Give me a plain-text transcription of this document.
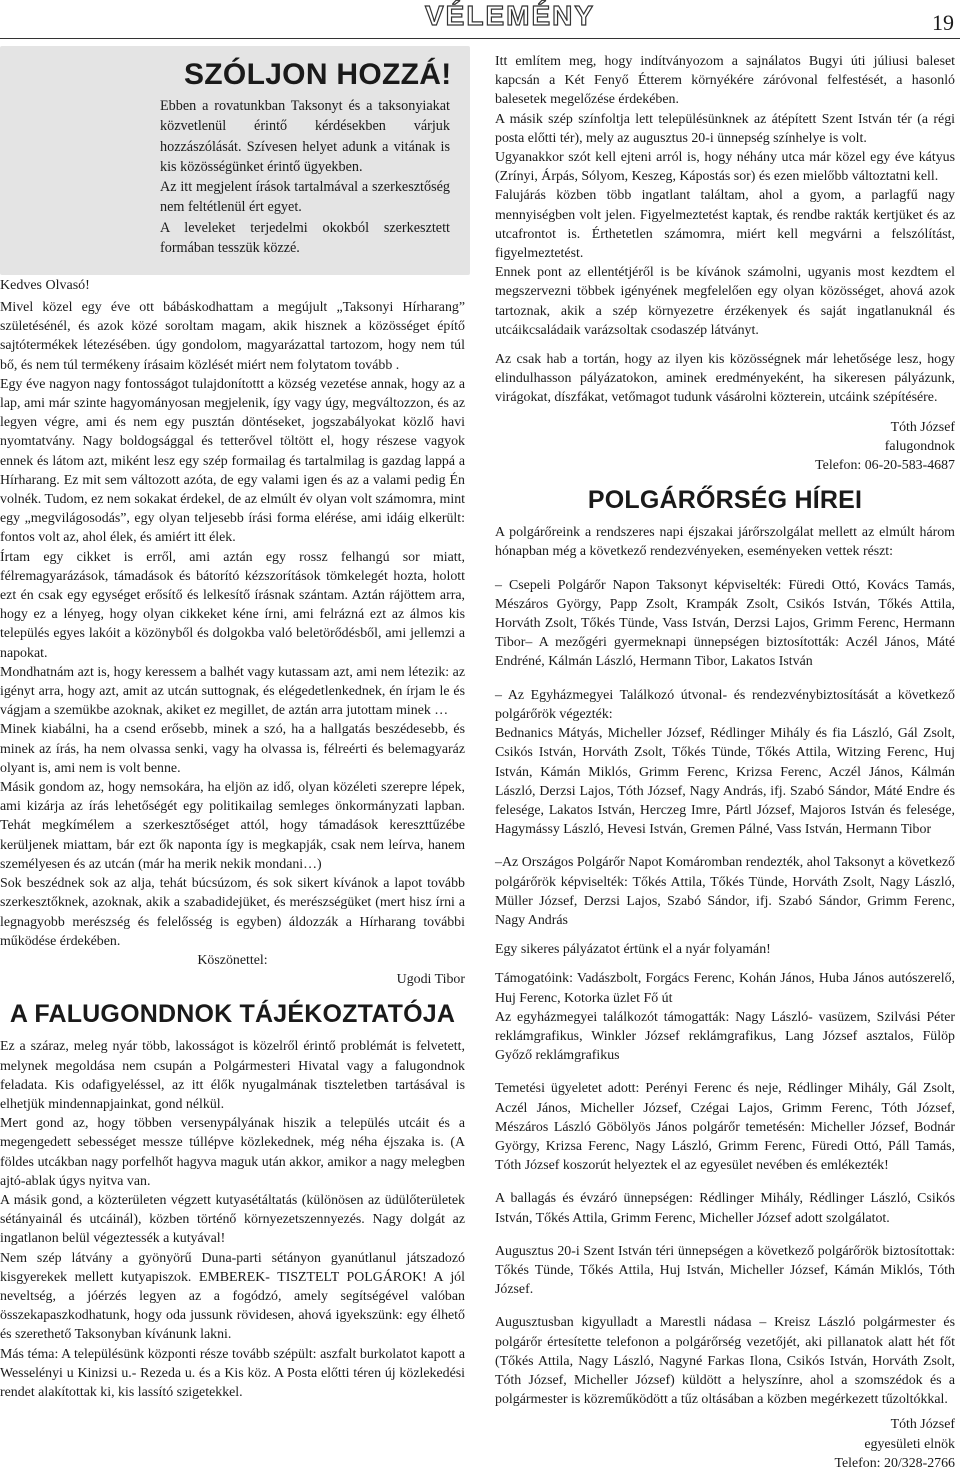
VÉLEMÉNY	19
SZÓLJON HOZZÁ!

Ebben a rovatunkban Taksonyt és a taksonyiakat közvetlenül érintő kérdésekben várjuk hozzászólását. Szívesen helyet adunk a vitának is kis közösségünket érintő ügyekben.

Az itt megjelent írások tartalmával a szerkesztőség nem feltétlenül ért egyet.

A leveleket terjedelmi okokból szerkesztett formában tesszük közzé.

Kedves Olvasó!

Mivel közel egy éve ott bábáskodhattam a megújult „Taksonyi Hírharang” születésénél, és azok közé soroltam magam, akik hisznek a közösséget építő sajtótermékek létezésében. úgy gondolom, magyarázattal tartozom, hogy nem túl bő, és nem túl termékeny írásaim közlését miért nem folytatom tovább .

Egy éve nagyon nagy fontosságot tulajdonítottt a község vezetése annak, hogy az a lap, ami már szinte hagyományosan megjelenik, így vagy úgy, megváltozzon, és az legyen végre, ami és nem egy pusztán döntéseket, jogszabályokat közlő havi nyomtatvány. Nagy boldogsággal és tetterővel töltött el, hogy részese vagyok ennek és látom azt, miként lesz egy szép formailag és tartalmilag is gazdag lappá a Hírharang. Ez mit sem változott azóta, de egy valami igen és az a valami pedig Én volnék. Tudom, ez nem sokakat érdekel, de az elmúlt év olyan volt számomra, mint egy „megvilágosodás”, egy olyan teljesebb írási forma elérése, ami idáig elkerült: fontos volt az, ahol élek, és amiért itt élek.

Írtam egy cikket is erről, ami aztán egy rossz felhangú sor miatt, félremagyarázások, támadások és bátorító kézszorítások tömkelegét hozta, holott ezt én csak egy egységet erősítő és lelkesítő írásnak szántam. Aztán rájöttem arra, hogy ez a lényeg, hogy olyan cikkeket kéne írni, ami felrázná ezt az álmos kis település egyes lakóit a közönyből és dolgokba való beletörődésből, ami jellemzi a napokat.

Mondhatnám azt is, hogy keressem a balhét vagy kutassam azt, ami nem létezik: az igényt arra, hogy azt, amit az utcán suttognak, és elégedetlenkednek, én írjam le és vágjam a szemükbe azoknak, akiket ez megillet, de aztán arra jutottam minek …

Minek kiabálni, ha a csend erősebb, minek a szó, ha a hallgatás beszédesebb, és minek az írás, ha nem olvassa senki, vagy ha olvassa is, félreérti és belemagyaráz olyant is, ami nem is volt benne.

Másik gondom az, hogy nemsokára, ha eljön az idő, olyan közéleti szerepre lépek, ami kizárja az írás lehetőségét egy politikailag semleges önkormányzati lapban. Tehát megkímélem a szerkesztőséget attól, hogy támadások kereszttűzébe kerüljenek miattam, bár ezt ők naponta így is megkapják, csak nem leírva, hanem személyesen és az utcán (már ha merik nekik mondani…)

Sok beszédnek sok az alja, tehát búcsúzom, és sok sikert kívánok a lapot tovább szerkesztőknek, azoknak, akik a szabadidejüket, és merészségüket (mert hisz írni a legnagyobb merészség és felelősség is egyben) áldozzák a Hírharang további működése érdekében.

Köszönettel:

Ugodi Tibor

A FALUGONDNOK TÁJÉKOZTATÓJA

Ez a száraz, meleg nyár több, lakosságot is közelről érintő problémát is felvetett, melynek megoldása nem csupán a Polgármesteri Hivatal vagy a falugondnok feladata. Kis odafigyeléssel, az itt élők nyugalmának tiszteletben tartásával is elhetjük mindennapjainkat, gond nélkül.

Mert gond az, hogy többen versenypályának hiszik a település utcáit és a megengedett sebességet messze túllépve közlekednek, még néha éjszaka is. (A földes utcákban nagy porfelhőt hagyva maguk után akkor, amikor a nagy melegben ajtó-ablak úgys nyitva van.

A másik gond, a közterületen végzett kutyasétáltatás (különösen az üdülőterületek sétányainál és utcáinál), közben történő környezetszennyezés. Nagy dolgát az ingatlanon belül végeztessék a kutyával!

Nem szép látvány a gyönyörű Duna-parti sétányon gyanútlanul játszadozó kisgyerekek mellett kutyapiszok. EMBEREK- TISZTELT POLGÁROK! A jól neveltség, a jóérzés legyen az a fogódzó, amely segítségével valóban összekapaszkodhatunk, hogy oda jussunk rövidesen, ahová igyekszünk: egy élhető és szerethető Taksonyban kívánunk lakni.

Más téma: A településünk központi része tovább szépült: aszfalt burkolatot kapott a Wesselényi u Kinizsi u.- Rezeda u. és a Kis köz. A Posta előtti téren új közlekedési rendet alakítottak ki, kis lassító szigetekkel.

Itt említem meg, hogy indítványozom a sajnálatos Bugyi úti júliusi baleset kapcsán a Két Fenyő Étterem környékére záróvonal felfestését, a hasonló balesetek megelőzése érdekében.

A másik szép színfoltja lett településünknek az átépített Szent István tér (a régi posta előtti tér), mely az augusztus 20-i ünnepség színhelye is volt.

Ugyanakkor szót kell ejteni arról is, hogy néhány utca már közel egy éve kátyus (Zrínyi, Árpás, Sólyom, Keszeg, Kápostás sor) és ezen mielőbb változtatni kell.

Falujárás közben több ingatlant találtam, ahol a gyom, a parlagfű nagy mennyiségben volt jelen. Figyelmeztetést kaptak, és rendbe rakták kertjüket és az utcafrontot is. Érthetetlen számomra, miért kell megvárni a felszólítást, figyelmeztetést.

Ennek pont az ellentétjéről is be kívánok számolni, ugyanis most kezdtem el megszervezni többek igényének megfelelően egy olyan közösséget, ahová azok tartoznak, akik a szép környezetre érzékenyek és saját ingatlanuknál és utcáikcsaládaik varázsoltak csodaszép látványt.

Az csak hab a tortán, hogy az ilyen kis közösségnek már lehetősége lesz, hogy elindulhasson pályázatokon, aminek eredményeként, ha sikeresen pályázunk, virágokat, díszfákat, vetőmagot tudunk vásárolni közterein, utcáink szépítésére.

Tóth József

falugondnok

Telefon: 06-20-583-4687

POLGÁRŐRSÉG HÍREI

A polgárőreink a rendszeres napi éjszakai járőrszolgálat mellett az elmúlt három hónapban még a következő rendezvényeken, eseményeken vettek részt:

– Csepeli Polgárőr Napon Taksonyt képviselték: Füredi Ottó, Kovács Tamás, Mészáros György, Papp Zsolt, Krampák Zsolt, Csikós István, Tőkés Attila, Horváth Zsolt, Tőkés Tünde, Vass István, Derzsi Lajos, Grimm Ferenc, Hermann Tibor– A mezőgéri gyermeknapi ünnepségen biztosították: Aczél János, Máté Endréné, Kálmán László, Hermann Tibor, Lakatos István

– Az Egyházmegyei Találkozó útvonal- és rendezvénybiztosítását a következő polgárőrök végezték:

Bednanics Mátyás, Micheller József, Rédlinger Mihály és fia László, Gál Zsolt, Csikós István, Horváth Zsolt, Tőkés Tünde, Tőkés Attila, Witzing Ferenc, Huj István, Kámán Miklós, Grimm Ferenc, Krizsa Ferenc, Aczél János, Kálmán László, Derzsi Lajos, Tóth József, Nagy András, ifj. Szabó Sándor, Máté Endre és felesége, Lakatos István, Herczeg Imre, Pártl József, Majoros István és felesége, Hagymássy László, Hevesi István, Gremen Pálné, Vass István, Hermann Tibor

–Az Országos Polgárőr Napot Komáromban rendezték, ahol Taksonyt a következő polgárőrök képviselték: Tőkés Attila, Tőkés Tünde, Horváth Zsolt, Nagy László, Müller József, Derzsi Lajos, Szabó Sándor, ifj. Szabó Sándor, Grimm Ferenc, Nagy András

Egy sikeres pályázatot értünk el a nyár folyamán!

Támogatóink: Vadászbolt, Forgács Ferenc, Kohán János, Huba János autószerelő, Huj Ferenc, Kotorka üzlet Fő út

Az egyházmegyei találkozót támogatták: Nagy László- vasüzem, Szilvási Péter reklámgrafikus, Winkler József reklámgrafikus, Lang József asztalos, Fülöp Győző reklámgrafikus

Temetési ügyeletet adott: Perényi Ferenc és neje, Rédlinger Mihály, Gál Zsolt, Aczél János, Micheller József, Czégai Lajos, Grimm Ferenc, Tóth József, Mészáros László Göbölyös János polgárőr temetésén: Micheller József, Bodnár György, Krizsa Ferenc, Nagy László, Grimm Ferenc, Füredi Ottó, Páll Tamás, Tóth József koszorút helyeztek el az egyesület nevében és emlékezték!

A ballagás és évzáró ünnepségen: Rédlinger Mihály, Rédlinger László, Csikós István, Tőkés Attila, Grimm Ferenc, Micheller József adott szolgálatot.

Augusztus 20-i Szent István téri ünnepségen a következő polgárőrök biztosítottak: Tőkés Tünde, Tőkés Attila, Huj István, Micheller József, Kámán Miklós, Tóth József.

Augusztusban kigyulladt a Marestli nádasa – Kreisz László polgármester és polgárőr értesítette telefonon a polgárőrség vezetőjét, aki pillanatok alatt hét főt (Tőkés Attila, Nagy László, Nagyné Farkas Ilona, Csikós István, Horváth Zsolt, Tóth József, Micheller József) küldött a helyszínre, ahol a szomszédok és a polgármester is közreműködött a tűz oltásában a közben megérkezett tűzoltókkal.

Tóth József

egyesületi elnök

Telefon: 20/328-2766
